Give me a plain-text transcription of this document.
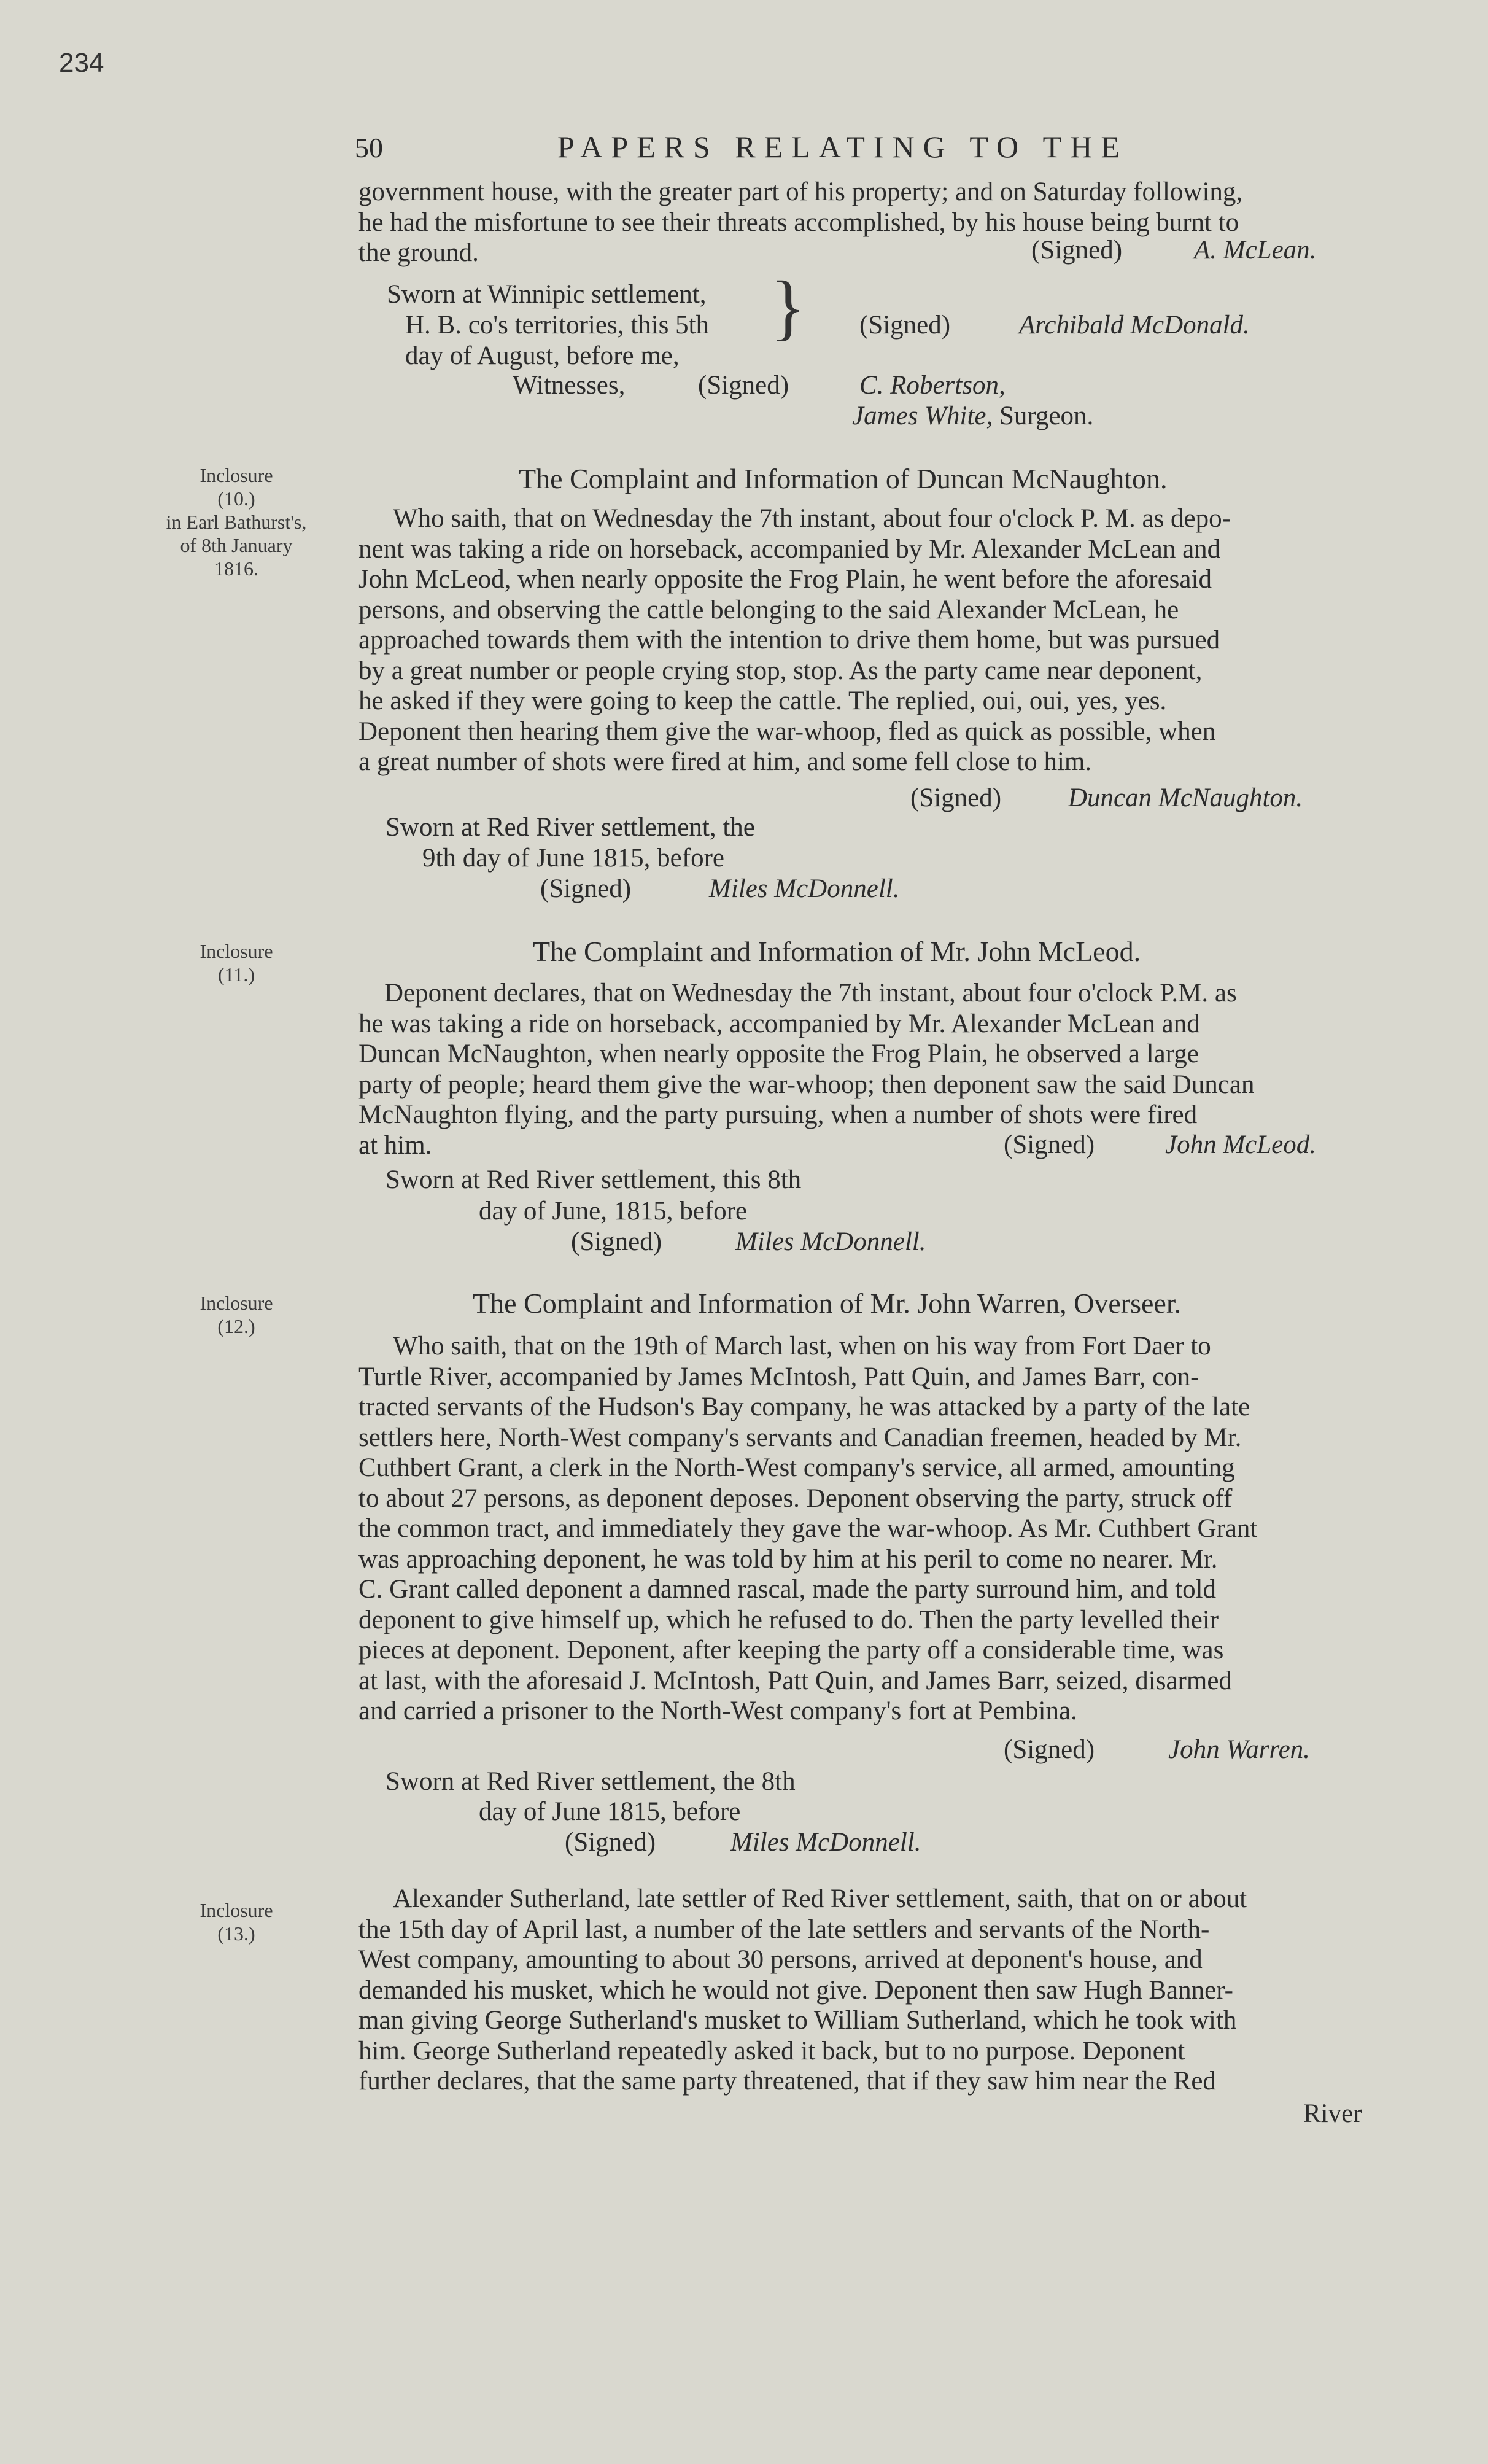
234
50	PAPERS RELATING TO THE
government house, with the greater part of his property; and on Saturday following,
he had the misfortune to see their threats accomplished, by his house being burnt to
the ground.	(Signed)	A. McLean.
Sworn at Winnipic settlement,
H. B. co's territories, this 5th
day of August, before me,
} (Signed)	Archibald McDonald.
Witnesses,	(Signed)	C. Robertson,
James White, Surgeon.
Inclosure
(10.)
in Earl Bathurst's,
of 8th January
1816.
The Complaint and Information of Duncan McNaughton.
Who saith, that on Wednesday the 7th instant, about four o'clock P. M. as depo-
nent was taking a ride on horseback, accompanied by Mr. Alexander McLean and
John McLeod, when nearly opposite the Frog Plain, he went before the aforesaid
persons, and observing the cattle belonging to the said Alexander McLean, he
approached towards them with the intention to drive them home, but was pursued
by a great number or people crying stop, stop. As the party came near deponent,
he asked if they were going to keep the cattle. The replied, oui, oui, yes, yes.
Deponent then hearing them give the war-whoop, fled as quick as possible, when
a great number of shots were fired at him, and some fell close to him.
(Signed)	Duncan McNaughton.
Sworn at Red River settlement, the
9th day of June 1815, before
(Signed)	Miles McDonnell.
Inclosure
(11.)
The Complaint and Information of Mr. John McLeod.
Deponent declares, that on Wednesday the 7th instant, about four o'clock P.M. as
he was taking a ride on horseback, accompanied by Mr. Alexander McLean and
Duncan McNaughton, when nearly opposite the Frog Plain, he observed a large
party of people; heard them give the war-whoop; then deponent saw the said Duncan
McNaughton flying, and the party pursuing, when a number of shots were fired
at him.	(Signed)	John McLeod.
Sworn at Red River settlement, this 8th
day of June, 1815, before
(Signed)	Miles McDonnell.
Inclosure
(12.)
The Complaint and Information of Mr. John Warren, Overseer.
Who saith, that on the 19th of March last, when on his way from Fort Daer to
Turtle River, accompanied by James McIntosh, Patt Quin, and James Barr, con-
tracted servants of the Hudson's Bay company, he was attacked by a party of the late
settlers here, North-West company's servants and Canadian freemen, headed by Mr.
Cuthbert Grant, a clerk in the North-West company's service, all armed, amounting
to about 27 persons, as deponent deposes. Deponent observing the party, struck off
the common tract, and immediately they gave the war-whoop. As Mr. Cuthbert Grant
was approaching deponent, he was told by him at his peril to come no nearer. Mr.
C. Grant called deponent a damned rascal, made the party surround him, and told
deponent to give himself up, which he refused to do. Then the party levelled their
pieces at deponent. Deponent, after keeping the party off a considerable time, was
at last, with the aforesaid J. McIntosh, Patt Quin, and James Barr, seized, disarmed
and carried a prisoner to the North-West company's fort at Pembina.
(Signed)	John Warren.
Sworn at Red River settlement, the 8th
day of June 1815, before
(Signed)	Miles McDonnell.
Inclosure
(13.)
Alexander Sutherland, late settler of Red River settlement, saith, that on or about
the 15th day of April last, a number of the late settlers and servants of the North-
West company, amounting to about 30 persons, arrived at deponent's house, and
demanded his musket, which he would not give. Deponent then saw Hugh Banner-
man giving George Sutherland's musket to William Sutherland, which he took with
him. George Sutherland repeatedly asked it back, but to no purpose. Deponent
further declares, that the same party threatened, that if they saw him near the Red
River
